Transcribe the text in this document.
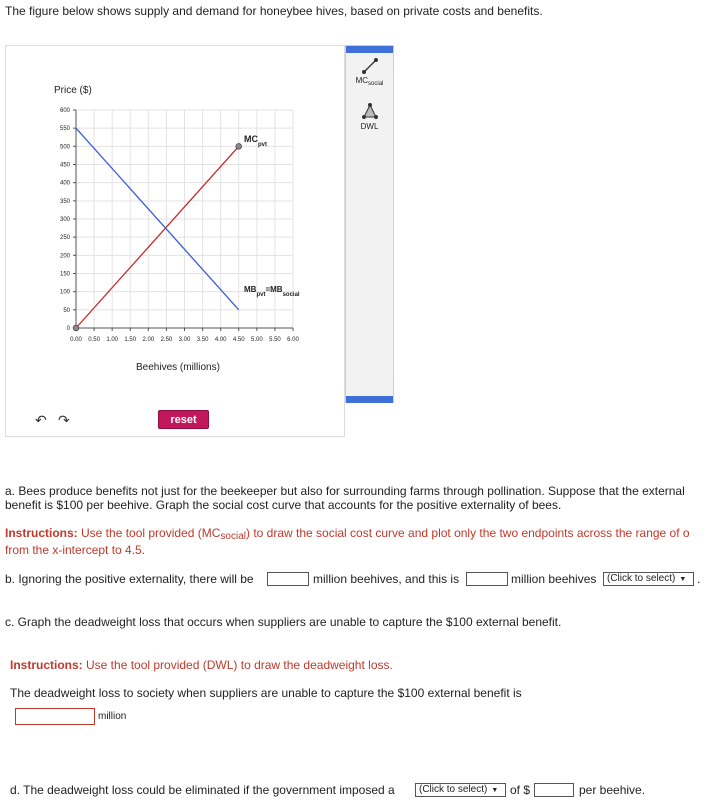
The figure below shows supply and demand for honeybee hives, based on private costs and benefits.
Price ($)
0.00 0.50 1.00 1.50 2.00 2.50 3.00 3.50 4.00 4.50 5.00 5.50 6.00
0
50
100
150
200
250
300
350
400
450
500
550
600
$MC_{pvt}$
$MB_{pvt}=MB_{social}$
Beehives (millions)
↶ ↷	reset
$MC_{social}$
DWL
a. Bees produce benefits not just for the beekeeper but also for surrounding farms through pollination. Suppose that the external benefit is $100 per beehive. Graph the social cost curve that accounts for the positive externality of bees.
Instructions: Use the tool provided $(MC_{social})$ to draw the social cost curve and plot only the two endpoints across the range of o
from the x-intercept to 4.5.
b. Ignoring the positive externality, there will be	million beehives, and this is	million beehives	(Click to select) ▼ .
c. Graph the deadweight loss that occurs when suppliers are unable to capture the $100 external benefit.
Instructions: Use the tool provided (DWL) to draw the deadweight loss.
The deadweight loss to society when suppliers are unable to capture the $100 external benefit is
million
d. The deadweight loss could be eliminated if the government imposed a	(Click to select) ▼ of $	per beehive.
